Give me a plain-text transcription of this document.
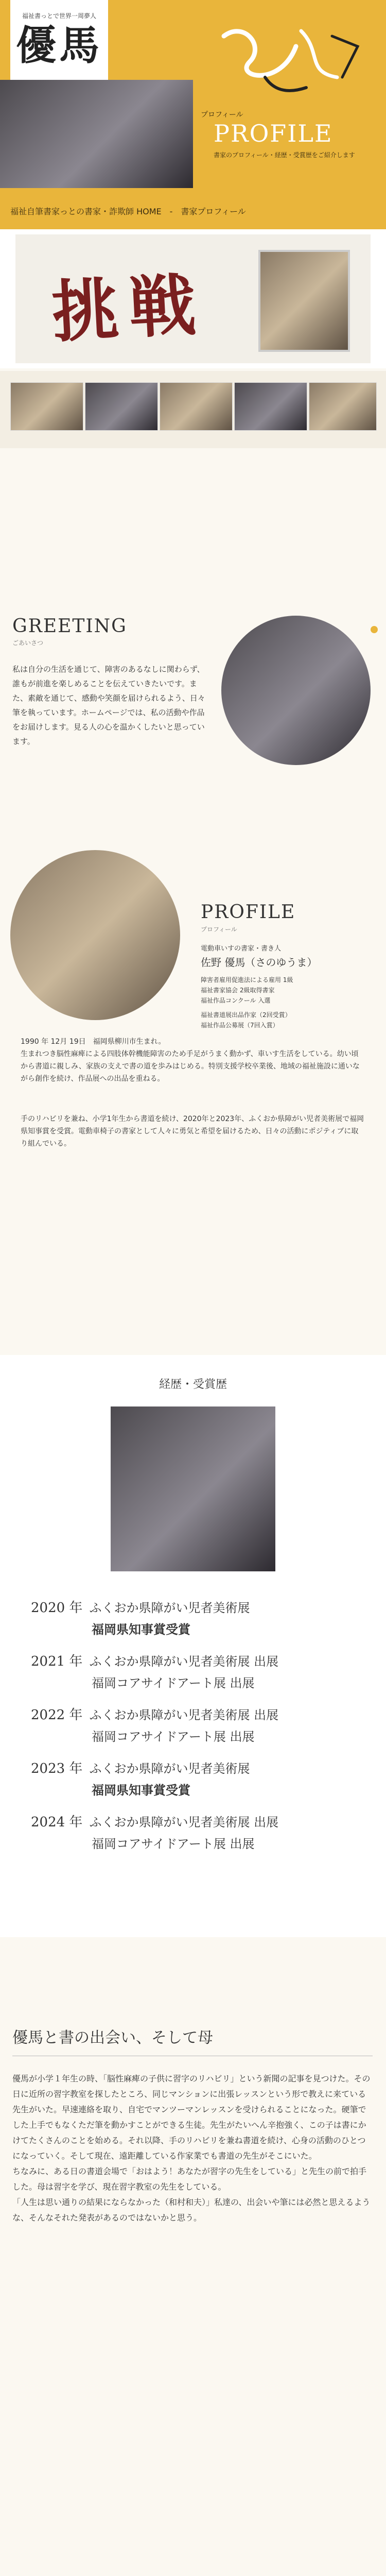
福祉書っとで世界一周夢人
優馬
プロフィール
PROFILE
書家のプロフィール・経歴・受賞歴をご紹介します
福祉自筆書家っとの書家・詐欺師 HOME　-　書家プロフィール
挑戦
GREETING
ごあいさつ
私は自分の生活を通じて、障害のあるなしに関わらず、誰もが前進を楽しめることを伝えていきたいです。また、素敵を通じて、感動や笑顔を届けられるよう、日々筆を執っています。ホームページでは、私の活動や作品をお届けします。見る人の心を温かくしたいと思っています。
PROFILE
プロフィール
電動車いすの書家・書き人
佐野 優馬（さのゆうま）
障害者雇用促進法による雇用 1級
福祉書家協会 2級取得書家
福祉作品コンクール 入選
福祉書道展出品作家（2回受賞）
福祉作品公募展（7回入賞）
1990 年 12月 19日　福岡県柳川市生まれ。
生まれつき脳性麻痺による四肢体幹機能障害のため手足がうまく動かず、車いす生活をしている。幼い頃から書道に親しみ、家族の支えで書の道を歩みはじめる。特別支援学校卒業後、地域の福祉施設に通いながら創作を続け、作品展への出品を重ねる。
手のリハビリを兼ね、小学1年生から書道を続け、2020年と2023年、ふくおか県障がい児者美術展で福岡県知事賞を受賞。電動車椅子の書家として人々に勇気と希望を届けるため、日々の活動にポジティブに取り組んでいる。
経歴・受賞歴
2020 年 ふくおか県障がい児者美術展
福岡県知事賞受賞
2021 年 ふくおか県障がい児者美術展 出展
福岡コアサイドアート展 出展
2022 年 ふくおか県障がい児者美術展 出展
福岡コアサイドアート展 出展
2023 年 ふくおか県障がい児者美術展
福岡県知事賞受賞
2024 年 ふくおか県障がい児者美術展 出展
福岡コアサイドアート展 出展
優馬と書の出会い、そして母
優馬が小学１年生の時、「脳性麻痺の子供に習字のリハビリ」という新聞の記事を見つけた。その日に近所の習字教室を探したところ、同じマンションに出張レッスンという形で教えに来ている先生がいた。早速連絡を取り、自宅でマンツーマンレッスンを受けられることになった。硬筆でした上手でもなくただ筆を動かすことができる生徒。先生がたいへん辛抱強く、この子は書にかけてたくさんのことを始める。それ以降、手のリハビリを兼ね書道を続け、心身の活動のひとつになっていく。そして現在、遠距離している作家業でも書道の先生がそこにいた。
ちなみに、ある日の書道会場で「おはよう！あなたが習字の先生をしている」と先生の前で拍手した。母は習字を学び、現在習字教室の先生をしている。
「人生は思い通りの結果にならなかった（和村和夫）」私達の、出会いや筆には必然と思えるような、そんなそれた発表があるのではないかと思う。
